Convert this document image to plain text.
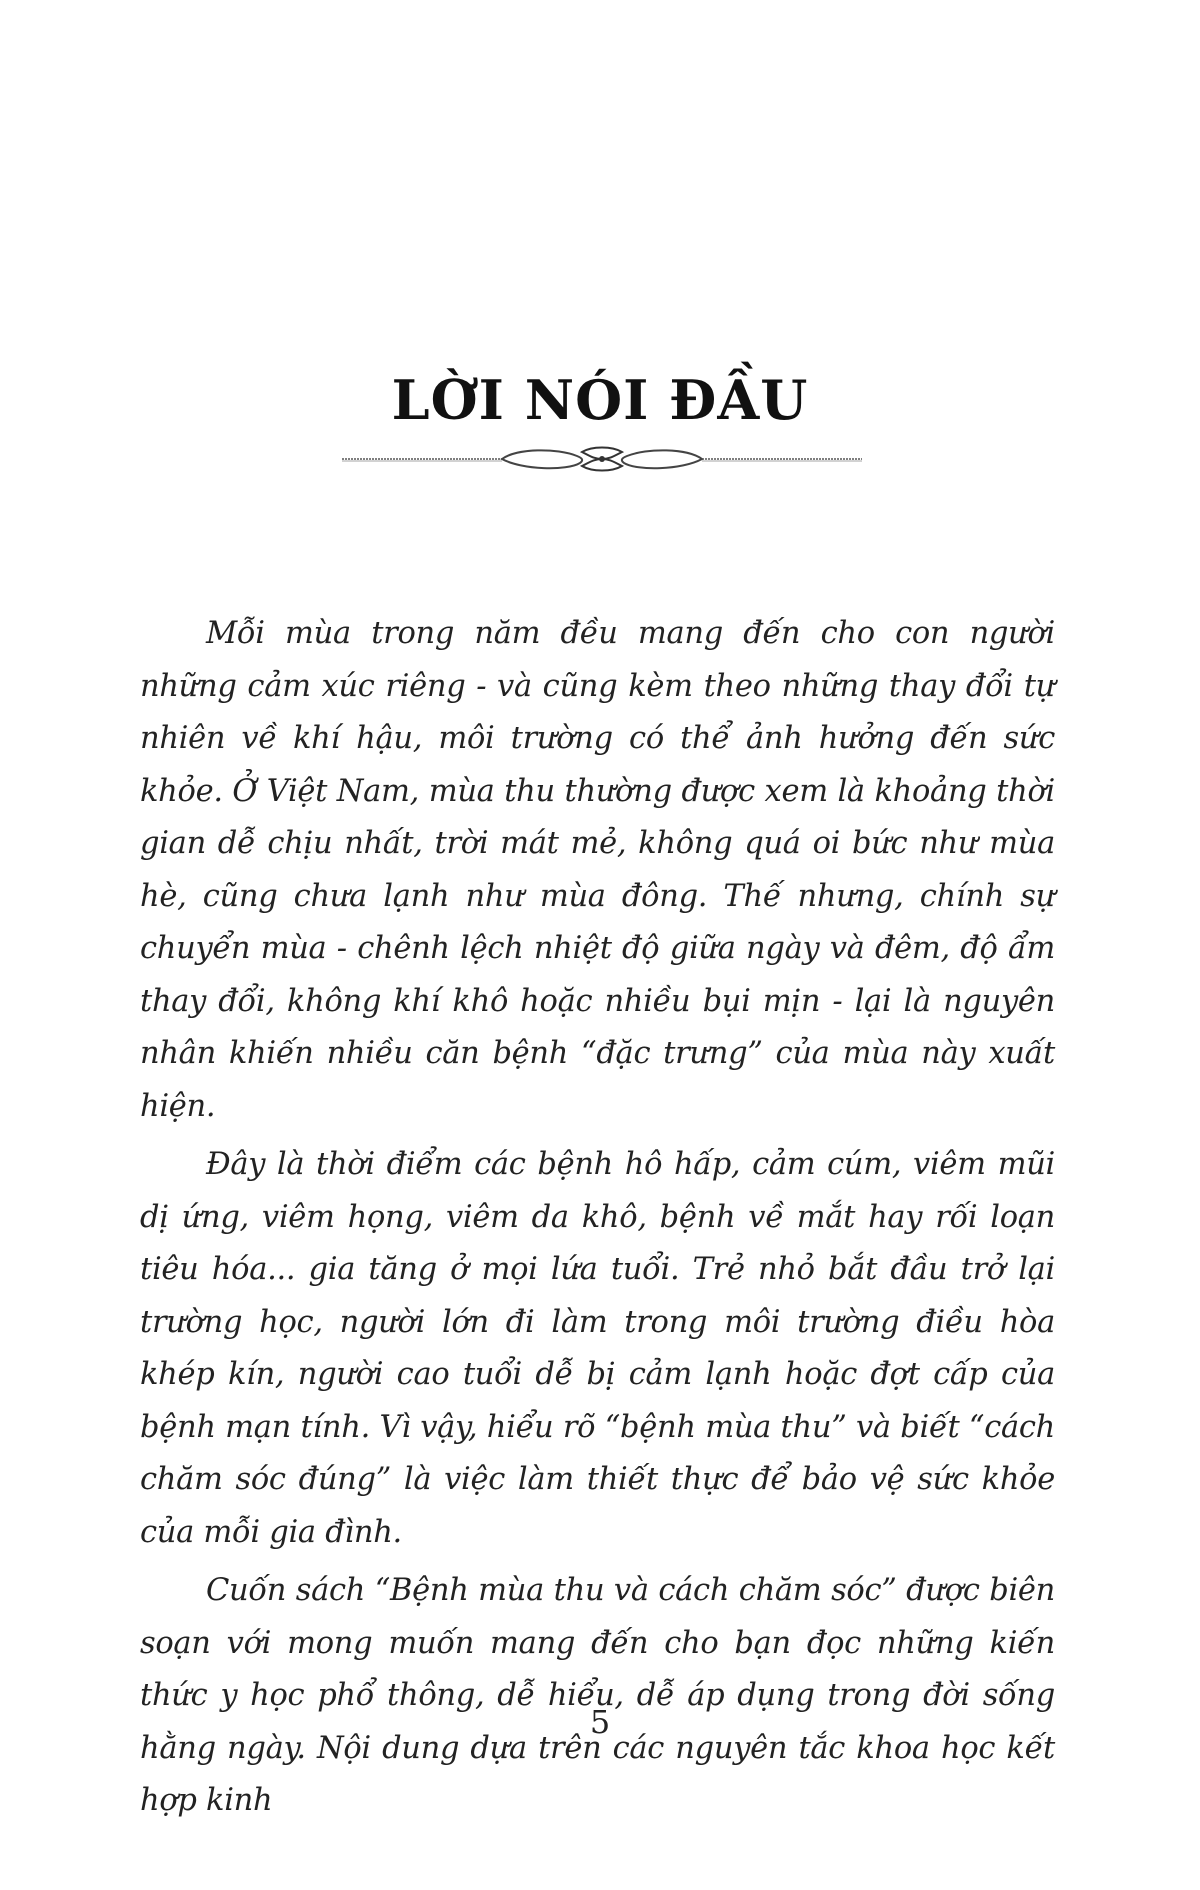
LỜI NÓI ĐẦU

Mỗi mùa trong năm đều mang đến cho con người những cảm xúc riêng - và cũng kèm theo những thay đổi tự nhiên về khí hậu, môi trường có thể ảnh hưởng đến sức khỏe. Ở Việt Nam, mùa thu thường được xem là khoảng thời gian dễ chịu nhất, trời mát mẻ, không quá oi bức như mùa hè, cũng chưa lạnh như mùa đông. Thế nhưng, chính sự chuyển mùa - chênh lệch nhiệt độ giữa ngày và đêm, độ ẩm thay đổi, không khí khô hoặc nhiều bụi mịn - lại là nguyên nhân khiến nhiều căn bệnh “đặc trưng” của mùa này xuất hiện.

Đây là thời điểm các bệnh hô hấp, cảm cúm, viêm mũi dị ứng, viêm họng, viêm da khô, bệnh về mắt hay rối loạn tiêu hóa... gia tăng ở mọi lứa tuổi. Trẻ nhỏ bắt đầu trở lại trường học, người lớn đi làm trong môi trường điều hòa khép kín, người cao tuổi dễ bị cảm lạnh hoặc đợt cấp của bệnh mạn tính. Vì vậy, hiểu rõ “bệnh mùa thu” và biết “cách chăm sóc đúng” là việc làm thiết thực để bảo vệ sức khỏe của mỗi gia đình.

Cuốn sách “Bệnh mùa thu và cách chăm sóc” được biên soạn với mong muốn mang đến cho bạn đọc những kiến thức y học phổ thông, dễ hiểu, dễ áp dụng trong đời sống hằng ngày. Nội dung dựa trên các nguyên tắc khoa học kết hợp kinh

5
